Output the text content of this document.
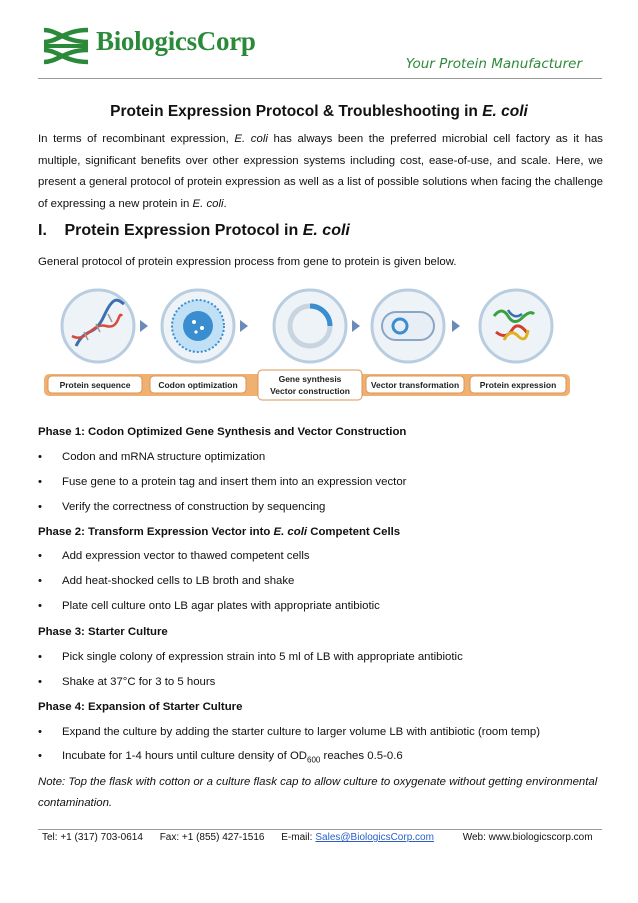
BiologicsCorp
Your Protein Manufacturer
Protein Expression Protocol & Troubleshooting in E. coli
In terms of recombinant expression, E. coli has always been the preferred microbial cell factory as it has multiple, significant benefits over other expression systems including cost, ease-of-use, and scale. Here, we present a general protocol of protein expression as well as a list of possible solutions when facing the challenge of expressing a new protein in E. coli.
I. Protein Expression Protocol in E. coli
General protocol of protein expression process from gene to protein is given below.
Protein sequence	Codon optimization
Gene synthesis
Vector construction
Vector transformation Protein expression
Phase 1: Codon Optimized Gene Synthesis and Vector Construction
• Codon and mRNA structure optimization
• Fuse gene to a protein tag and insert them into an expression vector
• Verify the correctness of construction by sequencing
Phase 2: Transform Expression Vector into E. coli Competent Cells
• Add expression vector to thawed competent cells
• Add heat-shocked cells to LB broth and shake
• Plate cell culture onto LB agar plates with appropriate antibiotic
Phase 3: Starter Culture
• Pick single colony of expression strain into 5 ml of LB with appropriate antibiotic
• Shake at 37°C for 3 to 5 hours
Phase 4: Expansion of Starter Culture
• Expand the culture by adding the starter culture to larger volume LB with antibiotic (room temp)
• Incubate for 1-4 hours until culture density of $OD_{600}$ reaches 0.5-0.6
Note: Top the flask with cotton or a culture flask cap to allow culture to oxygenate without getting environmental contamination.
Tel: +1 (317) 703-0614 Fax: +1 (855) 427-1516 E-mail: Sales@BiologicsCorp.com	Web: www.biologicscorp.com
